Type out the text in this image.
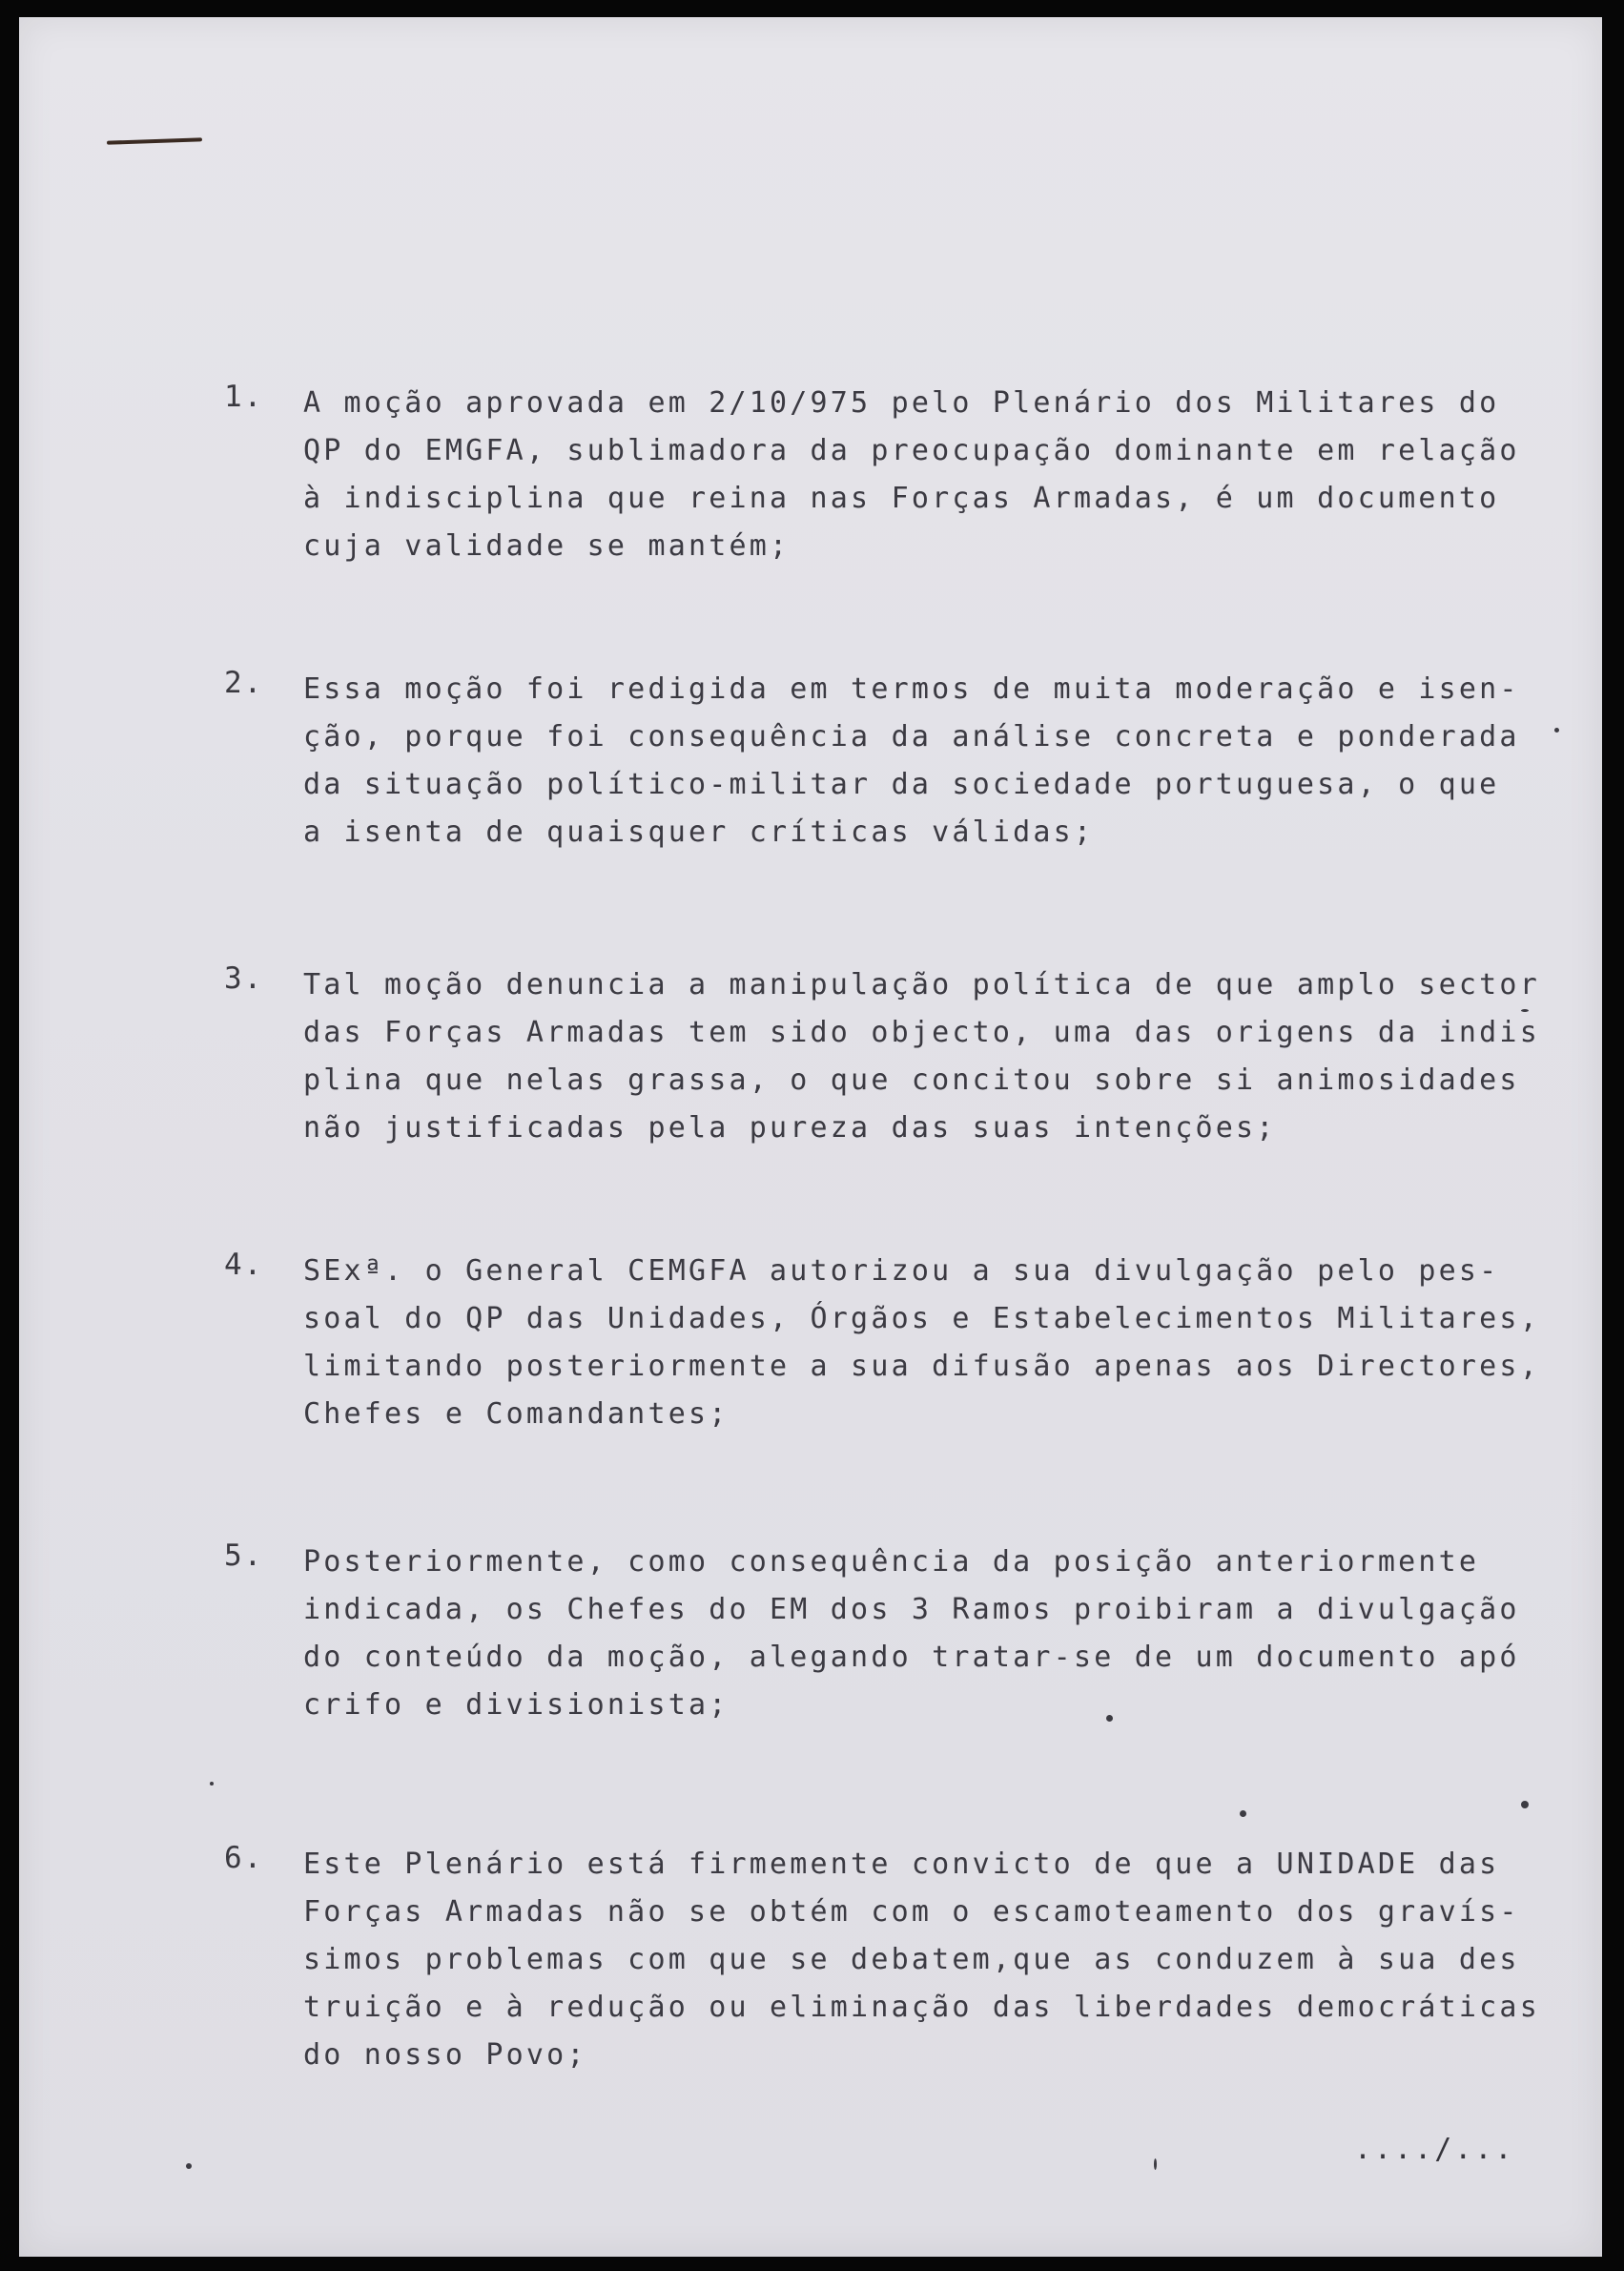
1. A moção aprovada em 2/10/975 pelo Plenário dos Militares do
QP do EMGFA, sublimadora da preocupação dominante em relação
à indisciplina que reina nas Forças Armadas, é um documento
cuja validade se mantém;
2. Essa moção foi redigida em termos de muita moderação e isen-
ção, porque foi consequência da análise concreta e ponderada
da situação político-militar da sociedade portuguesa, o que
a isenta de quaisquer críticas válidas;
3. Tal moção denuncia a manipulação política de que amplo sector
das Forças Armadas tem sido objecto, uma das origens da indis
plina que nelas grassa, o que concitou sobre si animosidades
não justificadas pela pureza das suas intenções;
4. SExª. o General CEMGFA autorizou a sua divulgação pelo pes-
soal do QP das Unidades, Órgãos e Estabelecimentos Militares,
limitando posteriormente a sua difusão apenas aos Directores,
Chefes e Comandantes;
5. Posteriormente, como consequência da posição anteriormente
indicada, os Chefes do EM dos 3 Ramos proibiram a divulgação
do conteúdo da moção, alegando tratar-se de um documento apó
crifo e divisionista;
6. Este Plenário está firmemente convicto de que a UNIDADE das
Forças Armadas não se obtém com o escamoteamento dos gravís-
simos problemas com que se debatem,que as conduzem à sua des
truição e à redução ou eliminação das liberdades democráticas
do nosso Povo;
..../...
